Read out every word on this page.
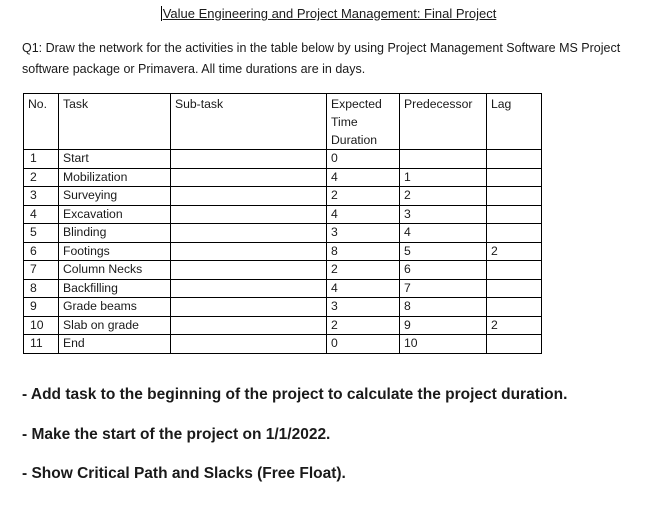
Value Engineering and Project Management: Final Project
Q1: Draw the network for the activities in the table below by using Project Management Software MS Project software package or Primavera. All time durations are in days.
No.	Task	Sub-task	Expected Time Duration	Predecessor	Lag
1	Start		0		
2	Mobilization		4	1	
3	Surveying		2	2	
4	Excavation		4	3	
5	Blinding		3	4	
6	Footings		8	5	2
7	Column Necks		2	6	
8	Backfilling		4	7	
9	Grade beams		3	8	
10	Slab on grade		2	9	2
11	End		0	10	
- Add task to the beginning of the project to calculate the project duration.
- Make the start of the project on 1/1/2022.
- Show Critical Path and Slacks (Free Float).
